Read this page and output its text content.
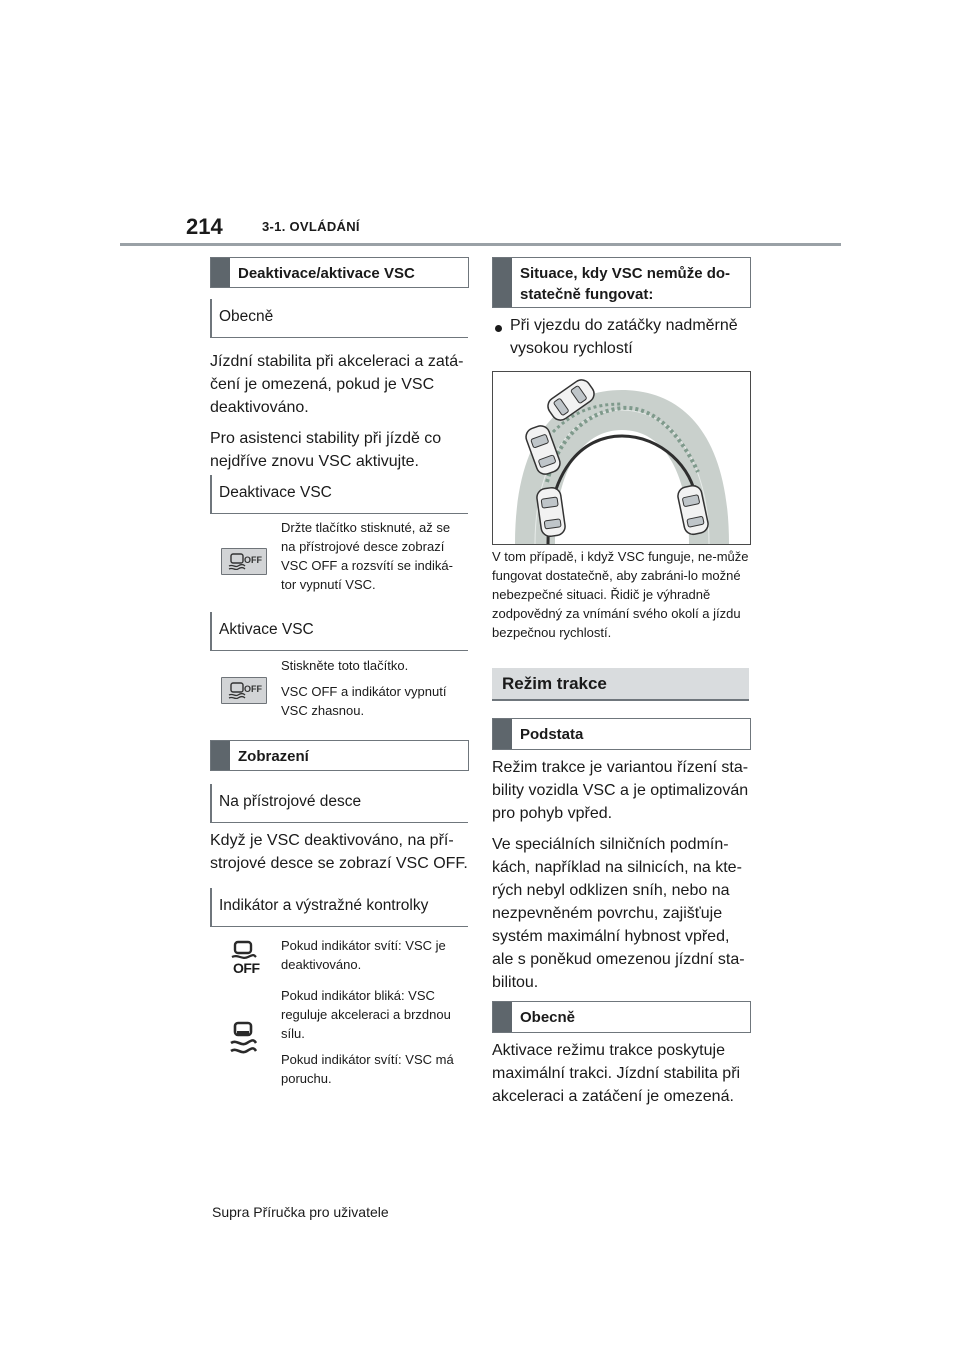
214	3-1. OVLÁDÁNÍ
Deaktivace/aktivace VSC
Obecně

Jízdní stabilita při akceleraci a zatá-čení je omezená, pokud je VSC deaktivováno.

Pro asistenci stability při jízdě co nejdříve znovu VSC aktivujte.

Deaktivace VSC
OFF

Držte tlačítko stisknuté, až se na přístrojové desce zobrazí VSC OFF a rozsvítí se indiká-tor vypnutí VSC.

Aktivace VSC
OFF

Stiskněte toto tlačítko.

VSC OFF a indikátor vypnutí VSC zhasnou.

Zobrazení
Na přístrojové desce

Když je VSC deaktivováno, na pří-strojové desce se zobrazí VSC OFF.

Indikátor a výstražné kontrolky
OFF

Pokud indikátor svítí: VSC je deaktivováno.

Pokud indikátor bliká: VSC reguluje akceleraci a brzdnou sílu.

Pokud indikátor svítí: VSC má poruchu.

Situace, kdy VSC nemůže do-statečně fungovat:
Při vjezdu do zatáčky nadměrně vysokou rychlostí

V tom případě, i když VSC funguje, ne-může fungovat dostatečně, aby zabráni-lo možné nebezpečné situaci. Řidič je výhradně zodpovědný za vnímání svého okolí a jízdu bezpečnou rychlostí.

Režim trakce
Podstata

Režim trakce je variantou řízení sta-bility vozidla VSC a je optimalizován pro pohyb vpřed.

Ve speciálních silničních podmín-kách, například na silnicích, na kte-rých nebyl odklizen sníh, nebo na nezpevněném povrchu, zajišťuje systém maximální hybnost vpřed, ale s poněkud omezenou jízdní sta-bilitou.

Obecně

Aktivace režimu trakce poskytuje maximální trakci. Jízdní stabilita při akceleraci a zatáčení je omezená.

Supra Příručka pro uživatele
